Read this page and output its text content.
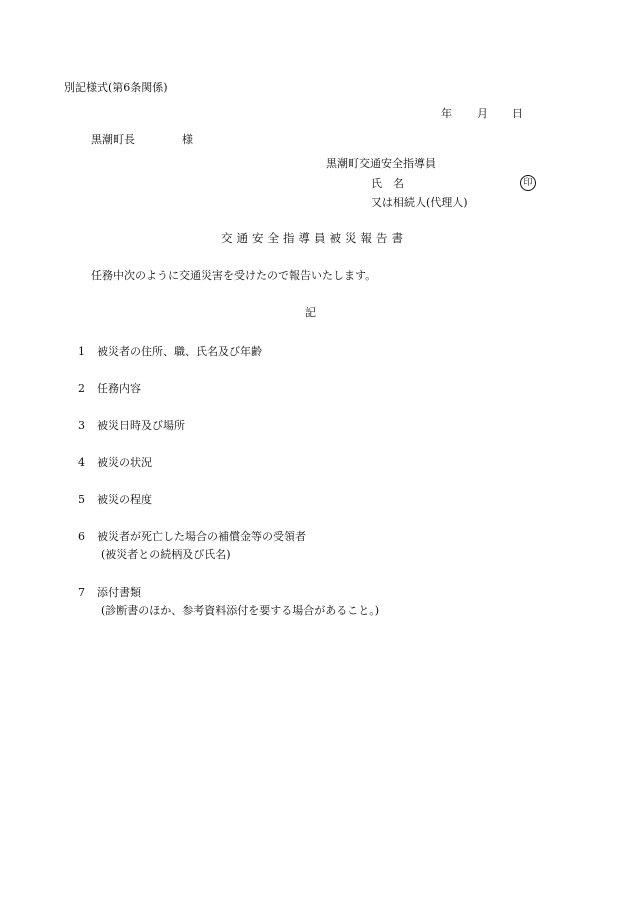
別記様式(第6条関係)
年 月 日
黒潮町長	様
黒潮町交通安全指導員
氏　名	印
又は相続人(代理人)
交通安全指導員被災報告書
任務中次のように交通災害を受けたので報告いたします。
記
1 被災者の住所、職、氏名及び年齢
2 任務内容
3 被災日時及び場所
4 被災の状況
5 被災の程度
6 被災者が死亡した場合の補償金等の受領者
(被災者との続柄及び氏名)
7 添付書類
(診断書のほか、参考資料添付を要する場合があること。)
